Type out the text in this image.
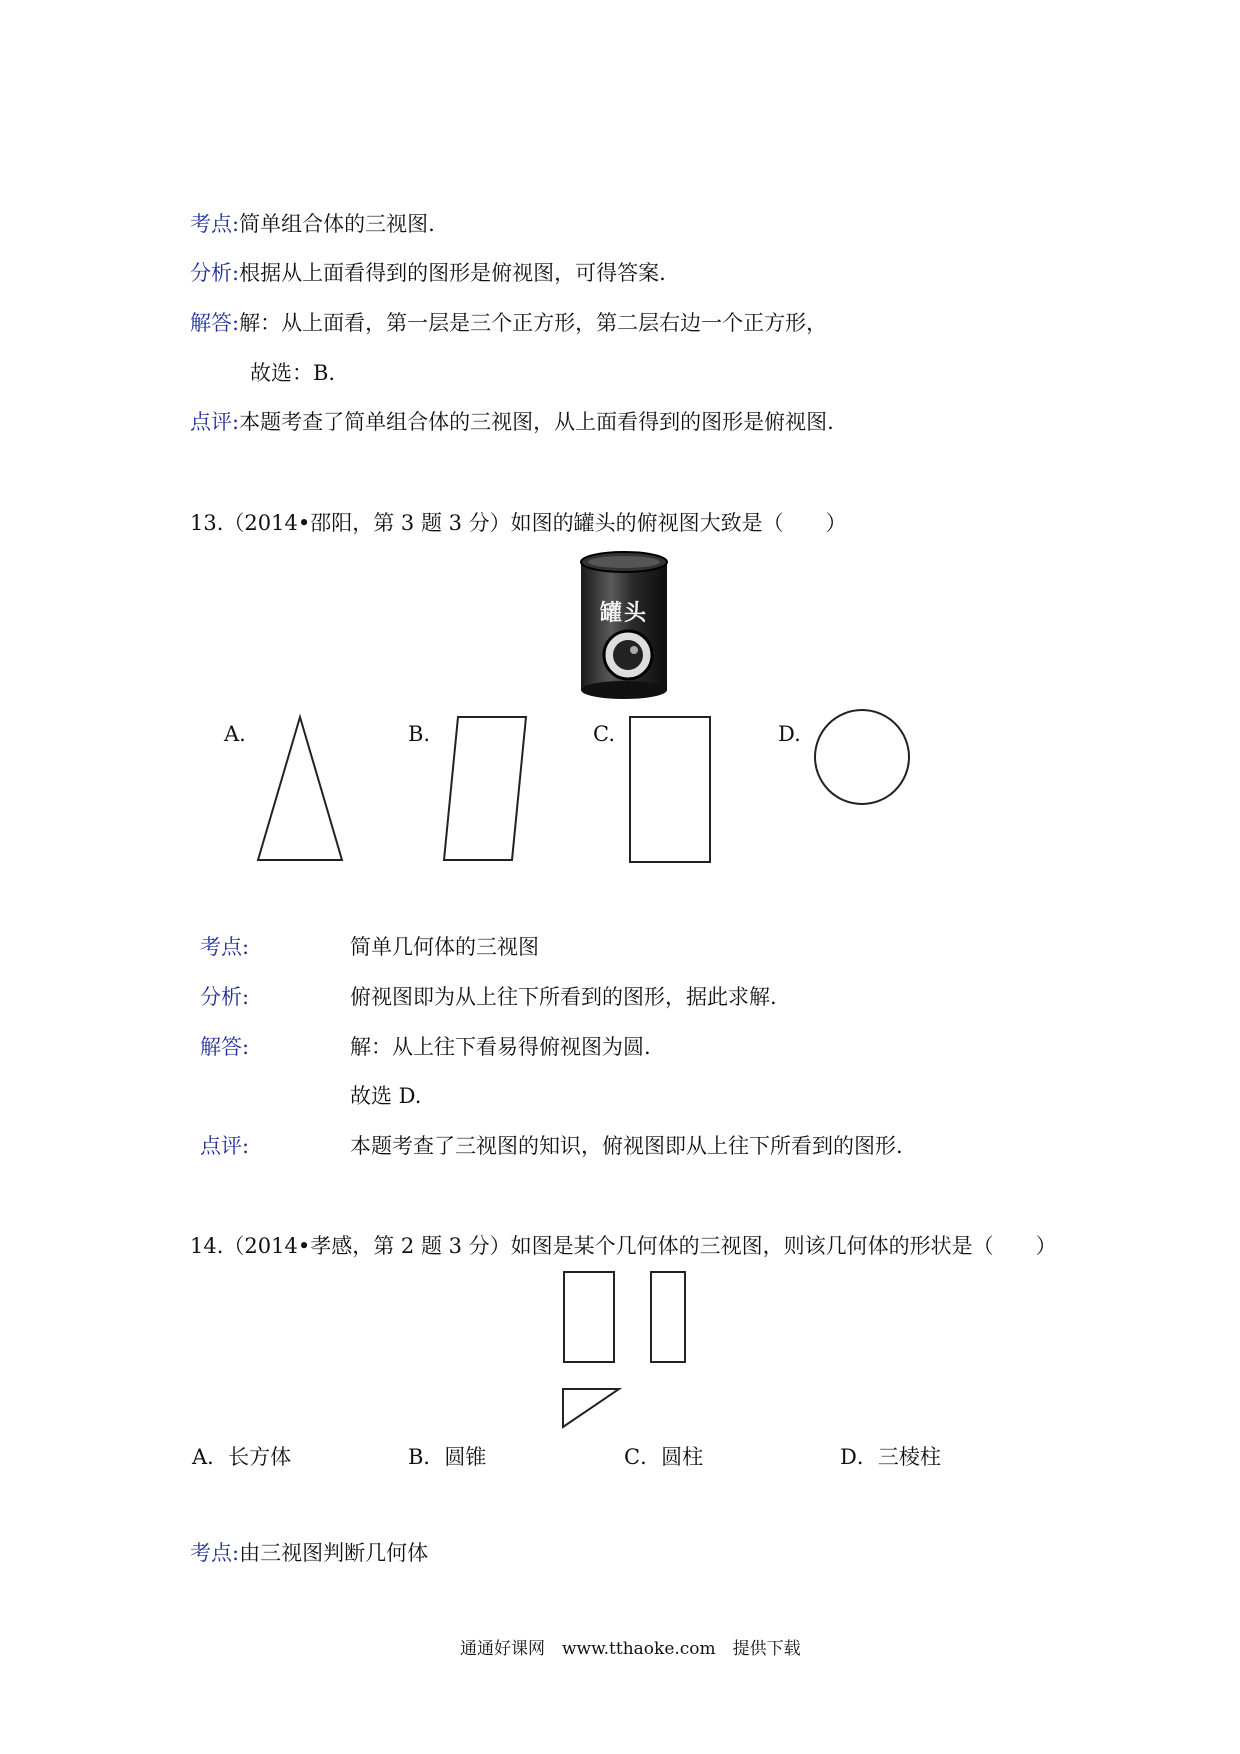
考点:简单组合体的三视图.
分析:根据从上面看得到的图形是俯视图，可得答案.
解答:解：从上面看，第一层是三个正方形，第二层右边一个正方形，
故选：B.
点评:本题考查了简单组合体的三视图，从上面看得到的图形是俯视图.
13.（2014•邵阳，第 3 题 3 分）如图的罐头的俯视图大致是（　　）
罐头
A.	B.	C.	D.
考点:	简单几何体的三视图
分析:	俯视图即为从上往下所看到的图形，据此求解.
解答:	解：从上往下看易得俯视图为圆.
故选 D.
点评:	本题考查了三视图的知识，俯视图即从上往下所看到的图形.
14.（2014•孝感，第 2 题 3 分）如图是某个几何体的三视图，则该几何体的形状是（　　）
A．长方体	B．圆锥	C．圆柱	D．三棱柱
考点:由三视图判断几何体
通通好课网　www.tthaoke.com　提供下载
